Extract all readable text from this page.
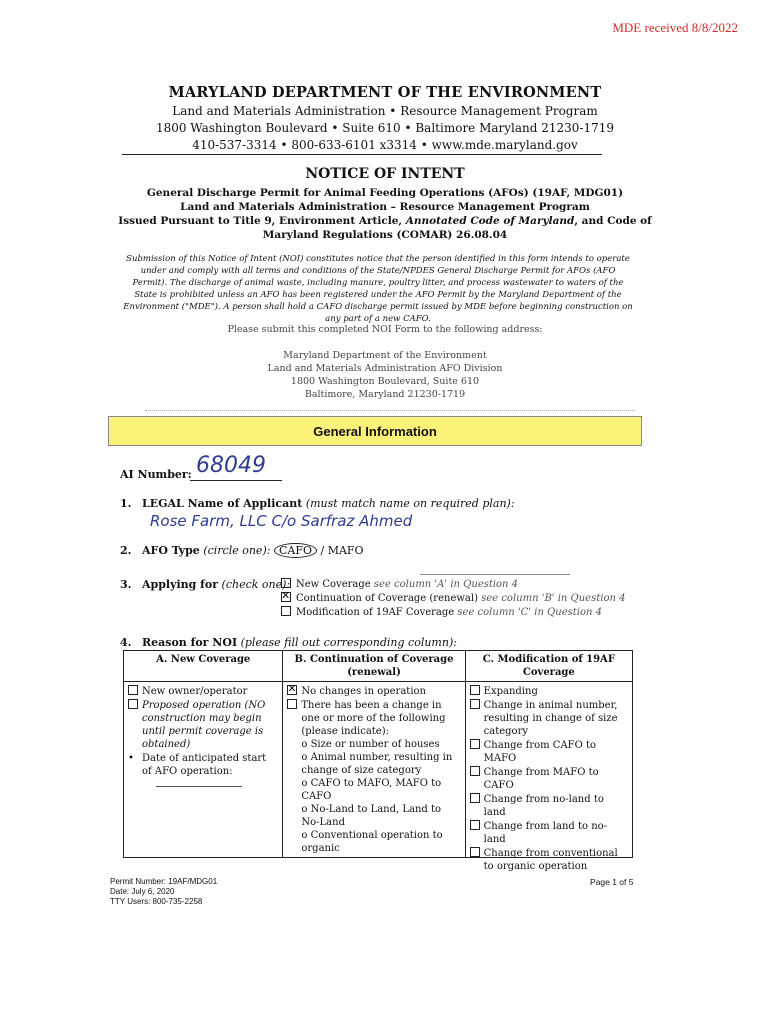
MDE received 8/8/2022
MARYLAND DEPARTMENT OF THE ENVIRONMENT
Land and Materials Administration • Resource Management Program
1800 Washington Boulevard • Suite 610 • Baltimore Maryland 21230-1719
410-537-3314 • 800-633-6101 x3314 • www.mde.maryland.gov
NOTICE OF INTENT
General Discharge Permit for Animal Feeding Operations (AFOs) (19AF, MDG01)
Land and Materials Administration – Resource Management Program
Issued Pursuant to Title 9, Environment Article, Annotated Code of Maryland, and Code of
Maryland Regulations (COMAR) 26.08.04
Submission of this Notice of Intent (NOI) constitutes notice that the person identified in this form intends to operate under and comply with all terms and conditions of the State/NPDES General Discharge Permit for AFOs (AFO Permit). The discharge of animal waste, including manure, poultry litter, and process wastewater to waters of the State is prohibited unless an AFO has been registered under the AFO Permit by the Maryland Department of the Environment ("MDE"). A person shall hold a CAFO discharge permit issued by MDE before beginning construction on any part of a new CAFO.
Please submit this completed NOI Form to the following address:
Maryland Department of the Environment
Land and Materials Administration AFO Division
1800 Washington Boulevard, Suite 610
Baltimore, Maryland 21230-1719
General Information
AI Number: 68049
1. LEGAL Name of Applicant (must match name on required plan):
Rose Farm, LLC C/o Sarfraz Ahmed
2. AFO Type (circle one): CAFO / MAFO
3. Applying for (check one): New Coverage see column 'A' in Question 4
✕Continuation of Coverage (renewal) see column 'B' in Question 4
Modification of 19AF Coverage see column 'C' in Question 4
4. Reason for NOI (please fill out corresponding column):
A. New Coverage
New owner/operator
Proposed operation (NO construction may begin until permit coverage is obtained)
• Date of anticipated start of AFO operation:
B. Continuation of Coverage (renewal)
✕
No changes in operation
There has been a change in one or more of the following (please indicate):
o Size or number of houses
o Animal number, resulting in change of size category
o CAFO to MAFO, MAFO to CAFO
o No-Land to Land, Land to No-Land
o Conventional operation to organic
C. Modification of 19AF Coverage
Expanding
Change in animal number, resulting in change of size category
Change from CAFO to MAFO
Change from MAFO to CAFO
Change from no-land to land
Change from land to no-land
Change from conventional to organic operation
Permit Number: 19AF/MDG01
Date: July 6, 2020
TTY Users: 800-735-2258
Page 1 of 5
